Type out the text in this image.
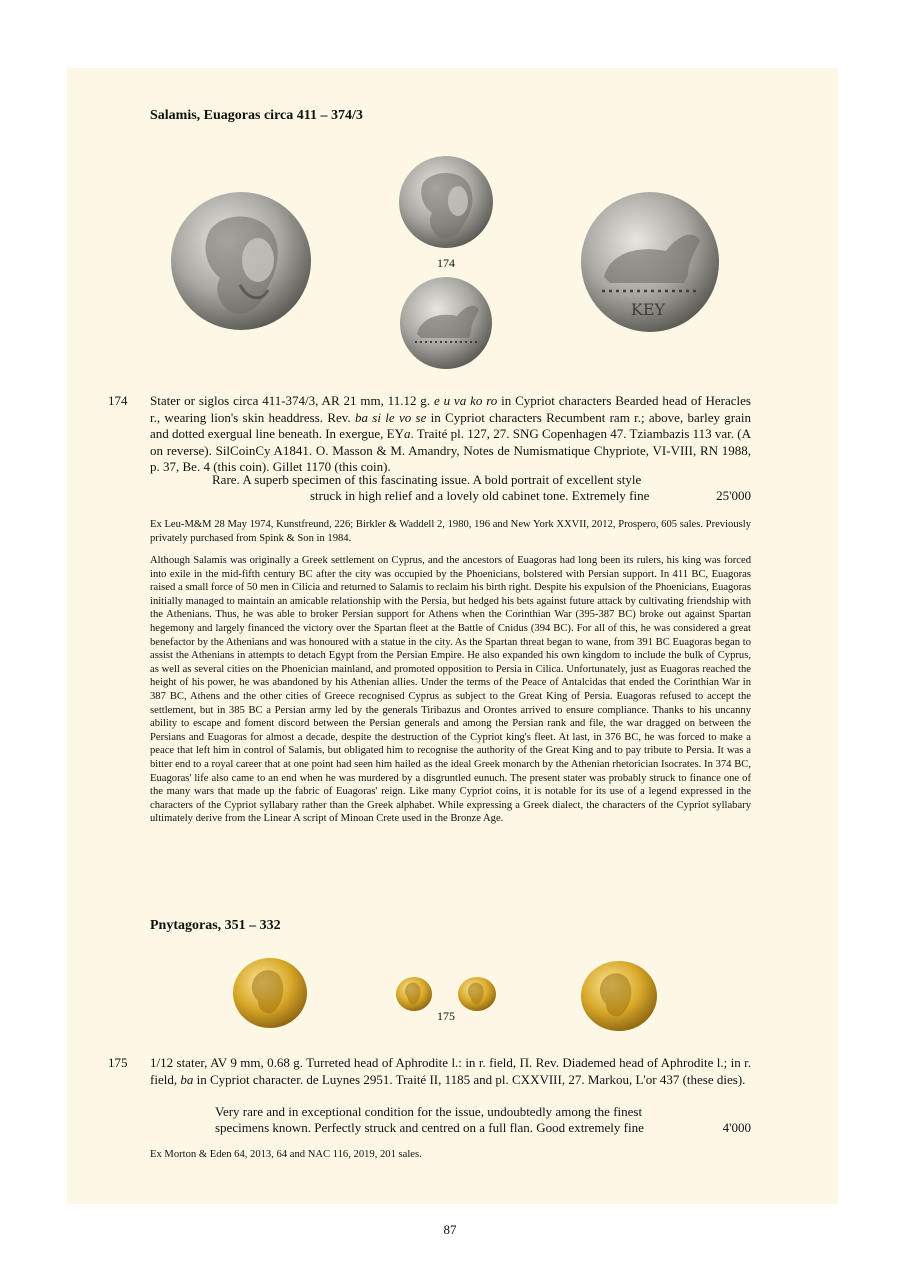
Salamis, Euagoras circa 411 – 374/3
174
ΚΕΥ
174 Stater or siglos circa 411-374/3, AR 21 mm, 11.12 g. e u va ko ro in Cypriot characters Bearded head of Heracles r., wearing lion's skin headdress. Rev. ba si le vo se in Cypriot characters Recumbent ram r.; above, barley grain and dotted exergual line beneath. In exergue, EYa. Traité pl. 127, 27. SNG Copenhagen 47. Tziambazis 113 var. (A on reverse). SilCoinCy A1841. O. Masson & M. Amandry, Notes de Numismatique Chypriote, VI-VIII, RN 1988, p. 37, Be. 4 (this coin). Gillet 1170 (this coin).
Rare. A superb specimen of this fascinating issue. A bold portrait of excellent style
struck in high relief and a lovely old cabinet tone. Extremely fine	25'000
Ex Leu-M&M 28 May 1974, Kunstfreund, 226; Birkler & Waddell 2, 1980, 196 and New York XXVII, 2012, Prospero, 605 sales. Previously privately purchased from Spink & Son in 1984.
Although Salamis was originally a Greek settlement on Cyprus, and the ancestors of Euagoras had long been its rulers, his king was forced into exile in the mid-fifth century BC after the city was occupied by the Phoenicians, bolstered with Persian support. In 411 BC, Euagoras raised a small force of 50 men in Cilicia and returned to Salamis to reclaim his birth right. Despite his expulsion of the Phoenicians, Euagoras initially managed to maintain an amicable relationship with the Persia, but hedged his bets against future attack by cultivating friendship with the Athenians. Thus, he was able to broker Persian support for Athens when the Corinthian War (395-387 BC) broke out against Spartan hegemony and largely financed the victory over the Spartan fleet at the Battle of Cnidus (394 BC). For all of this, he was considered a great benefactor by the Athenians and was honoured with a statue in the city. As the Spartan threat began to wane, from 391 BC Euagoras began to assist the Athenians in attempts to detach Egypt from the Persian Empire. He also expanded his own kingdom to include the bulk of Cyprus, as well as several cities on the Phoenician mainland, and promoted opposition to Persia in Cilica. Unfortunately, just as Euagoras reached the height of his power, he was abandoned by his Athenian allies. Under the terms of the Peace of Antalcidas that ended the Corinthian War in 387 BC, Athens and the other cities of Greece recognised Cyprus as subject to the Great King of Persia. Euagoras refused to accept the settlement, but in 385 BC a Persian army led by the generals Tiribazus and Orontes arrived to ensure compliance. Thanks to his uncanny ability to escape and foment discord between the Persian generals and among the Persian rank and file, the war dragged on between the Persians and Euagoras for almost a decade, despite the destruction of the Cypriot king's fleet. At last, in 376 BC, he was forced to make a peace that left him in control of Salamis, but obligated him to recognise the authority of the Great King and to pay tribute to Persia. It was a bitter end to a royal career that at one point had seen him hailed as the ideal Greek monarch by the Athenian rhetorician Isocrates. In 374 BC, Euagoras' life also came to an end when he was murdered by a disgruntled eunuch. The present stater was probably struck to finance one of the many wars that made up the fabric of Euagoras' reign. Like many Cypriot coins, it is notable for its use of a legend expressed in the characters of the Cypriot syllabary rather than the Greek alphabet. While expressing a Greek dialect, the characters of the Cypriot syllabary ultimately derive from the Linear A script of Minoan Crete used in the Bronze Age.
Pnytagoras, 351 – 332
175
175 1/12 stater, AV 9 mm, 0.68 g. Turreted head of Aphrodite l.: in r. field, Π. Rev. Diademed head of Aphrodite l.; in r. field, ba in Cypriot character. de Luynes 2951. Traité II, 1185 and pl. CXXVIII, 27. Markou, L'or 437 (these dies).
Very rare and in exceptional condition for the issue, undoubtedly among the finest
specimens known. Perfectly struck and centred on a full flan. Good extremely fine	4'000
Ex Morton & Eden 64, 2013, 64 and NAC 116, 2019, 201 sales.
87
